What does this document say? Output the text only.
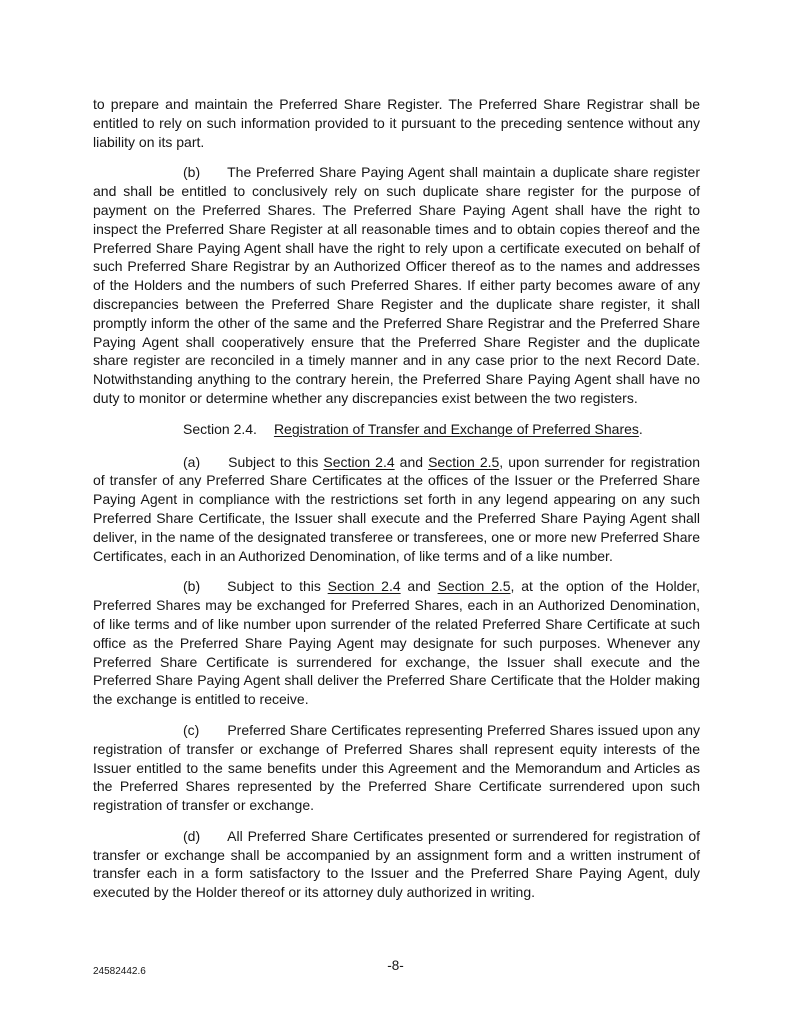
to prepare and maintain the Preferred Share Register. The Preferred Share Registrar shall be entitled to rely on such information provided to it pursuant to the preceding sentence without any liability on its part.

(b) The Preferred Share Paying Agent shall maintain a duplicate share register and shall be entitled to conclusively rely on such duplicate share register for the purpose of payment on the Preferred Shares. The Preferred Share Paying Agent shall have the right to inspect the Preferred Share Register at all reasonable times and to obtain copies thereof and the Preferred Share Paying Agent shall have the right to rely upon a certificate executed on behalf of such Preferred Share Registrar by an Authorized Officer thereof as to the names and addresses of the Holders and the numbers of such Preferred Shares. If either party becomes aware of any discrepancies between the Preferred Share Register and the duplicate share register, it shall promptly inform the other of the same and the Preferred Share Registrar and the Preferred Share Paying Agent shall cooperatively ensure that the Preferred Share Register and the duplicate share register are reconciled in a timely manner and in any case prior to the next Record Date. Notwithstanding anything to the contrary herein, the Preferred Share Paying Agent shall have no duty to monitor or determine whether any discrepancies exist between the two registers.

Section 2.4. Registration of Transfer and Exchange of Preferred Shares.

(a) Subject to this Section 2.4 and Section 2.5, upon surrender for registration of transfer of any Preferred Share Certificates at the offices of the Issuer or the Preferred Share Paying Agent in compliance with the restrictions set forth in any legend appearing on any such Preferred Share Certificate, the Issuer shall execute and the Preferred Share Paying Agent shall deliver, in the name of the designated transferee or transferees, one or more new Preferred Share Certificates, each in an Authorized Denomination, of like terms and of a like number.

(b) Subject to this Section 2.4 and Section 2.5, at the option of the Holder, Preferred Shares may be exchanged for Preferred Shares, each in an Authorized Denomination, of like terms and of like number upon surrender of the related Preferred Share Certificate at such office as the Preferred Share Paying Agent may designate for such purposes. Whenever any Preferred Share Certificate is surrendered for exchange, the Issuer shall execute and the Preferred Share Paying Agent shall deliver the Preferred Share Certificate that the Holder making the exchange is entitled to receive.

(c) Preferred Share Certificates representing Preferred Shares issued upon any registration of transfer or exchange of Preferred Shares shall represent equity interests of the Issuer entitled to the same benefits under this Agreement and the Memorandum and Articles as the Preferred Shares represented by the Preferred Share Certificate surrendered upon such registration of transfer or exchange.

(d) All Preferred Share Certificates presented or surrendered for registration of transfer or exchange shall be accompanied by an assignment form and a written instrument of transfer each in a form satisfactory to the Issuer and the Preferred Share Paying Agent, duly executed by the Holder thereof or its attorney duly authorized in writing.

24582442.6	-8-
